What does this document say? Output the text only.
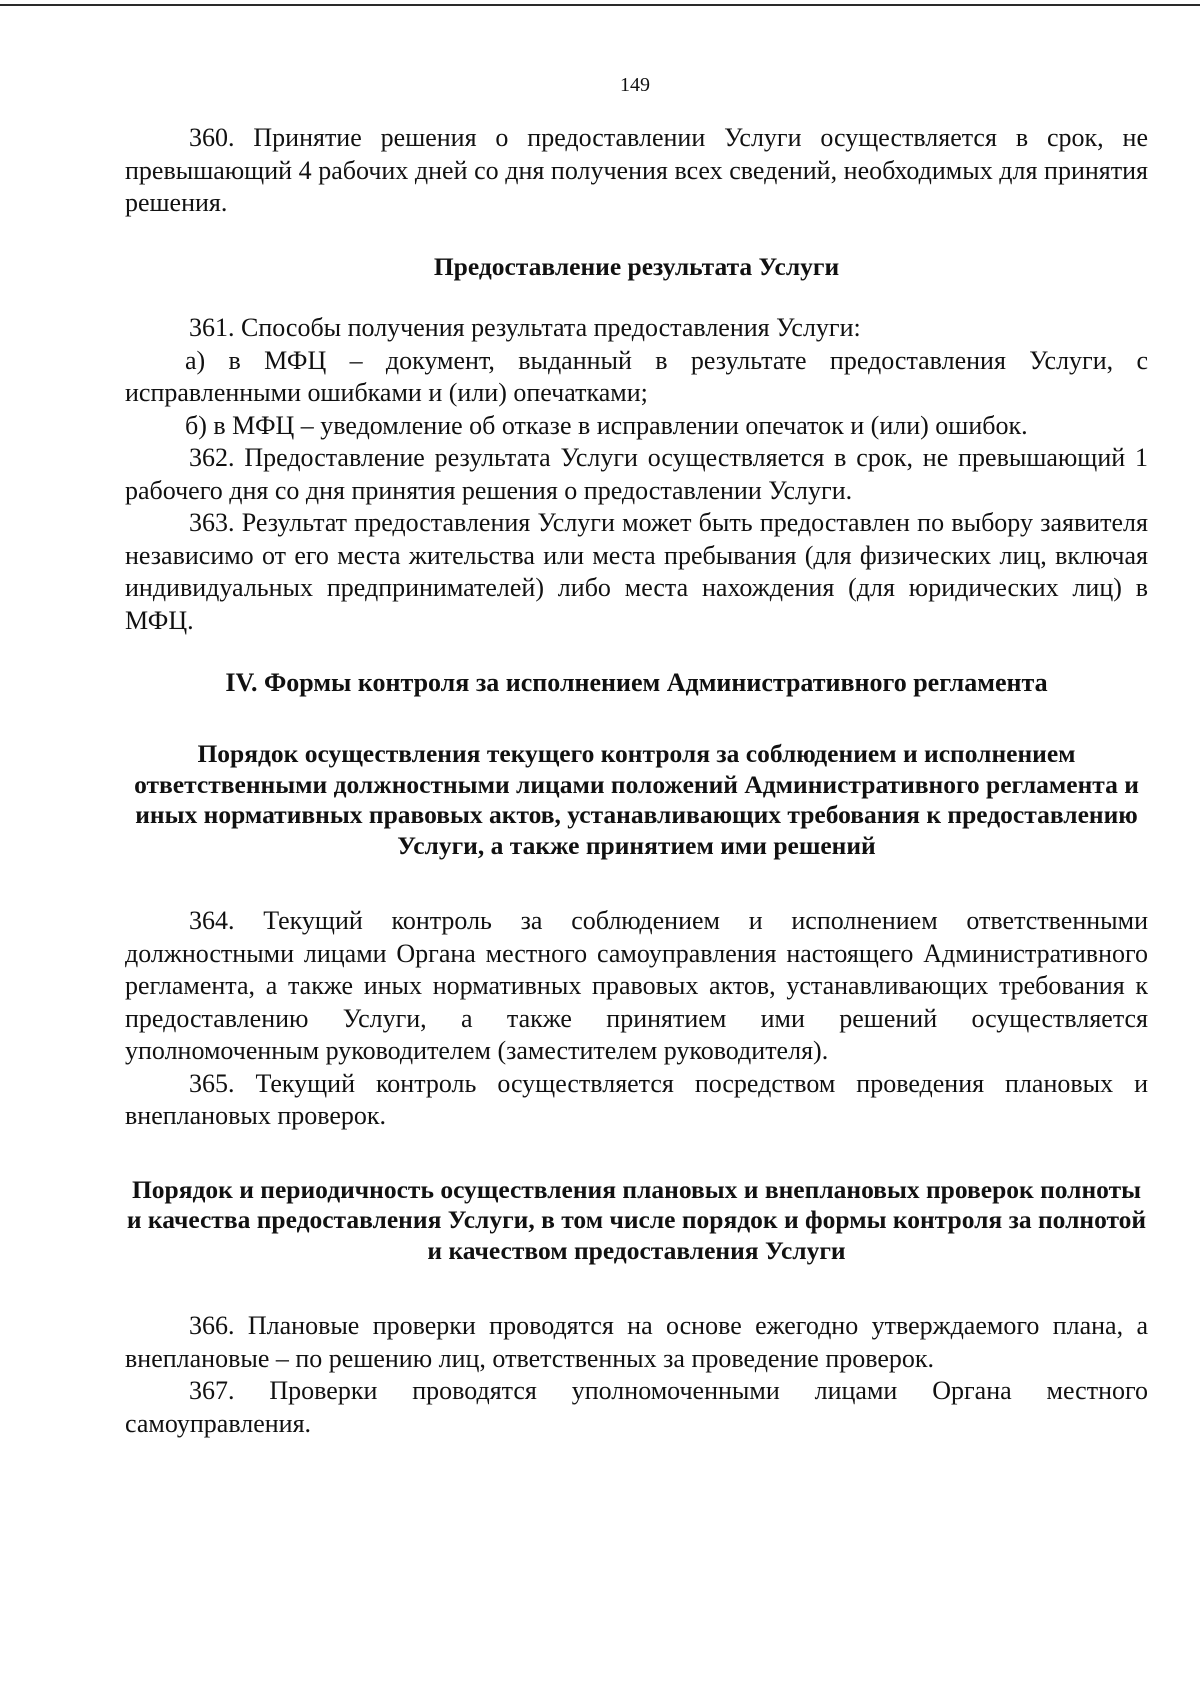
149

360. Принятие решения о предоставлении Услуги осуществляется в срок, не превышающий 4 рабочих дней со дня получения всех сведений, необходимых для принятия решения.

Предоставление результата Услуги

361. Способы получения результата предоставления Услуги:

а) в МФЦ – документ, выданный в результате предоставления Услуги, с исправленными ошибками и (или) опечатками;

б) в МФЦ – уведомление об отказе в исправлении опечаток и (или) ошибок.

362. Предоставление результата Услуги осуществляется в срок, не превышающий 1 рабочего дня со дня принятия решения о предоставлении Услуги.

363. Результат предоставления Услуги может быть предоставлен по выбору заявителя независимо от его места жительства или места пребывания (для физических лиц, включая индивидуальных предпринимателей) либо места нахождения (для юридических лиц) в МФЦ.

IV. Формы контроля за исполнением Административного регламента
Порядок осуществления текущего контроля за соблюдением и исполнением ответственными должностными лицами положений Административного регламента и иных нормативных правовых актов, устанавливающих требования к предоставлению Услуги, а также принятием ими решений

364. Текущий контроль за соблюдением и исполнением ответственными должностными лицами Органа местного самоуправления настоящего Административного регламента, а также иных нормативных правовых актов, устанавливающих требования к предоставлению Услуги, а также принятием ими решений осуществляется уполномоченным руководителем (заместителем руководителя).

365. Текущий контроль осуществляется посредством проведения плановых и внеплановых проверок.

Порядок и периодичность осуществления плановых и внеплановых проверок полноты и качества предоставления Услуги, в том числе порядок и формы контроля за полнотой и качеством предоставления Услуги

366. Плановые проверки проводятся на основе ежегодно утверждаемого плана, а внеплановые – по решению лиц, ответственных за проведение проверок.

367. Проверки проводятся уполномоченными лицами Органа местного самоуправления.
